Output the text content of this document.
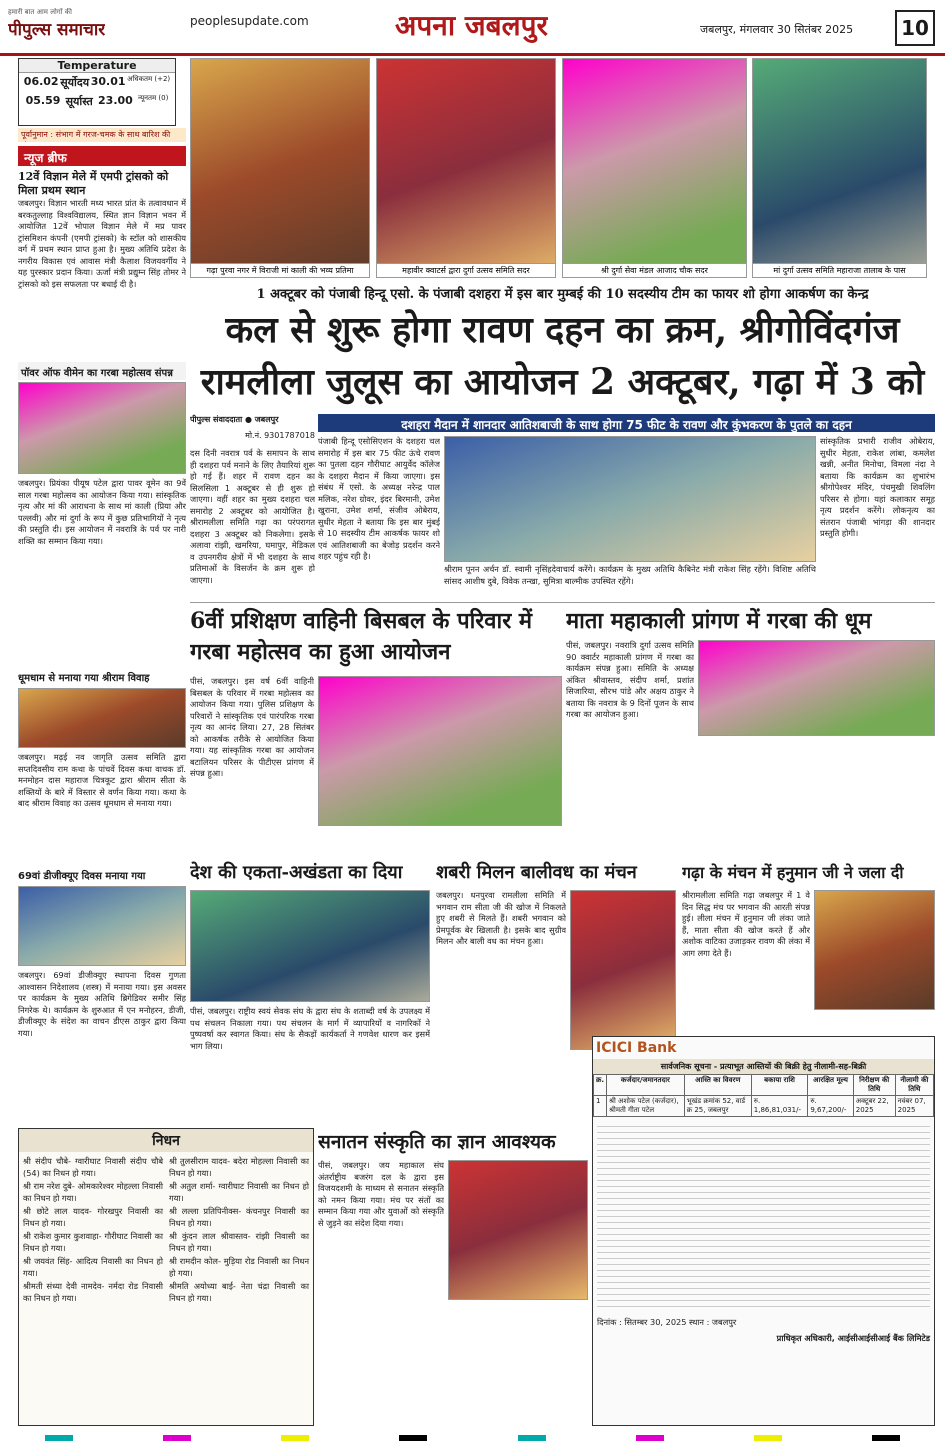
हमारी बात आम लोगों की
पीपुल्स समाचार	peoplesupdate.com	अपना जबलपुर	जबलपुर, मंगलवार 30 सितंबर 2025	10
Temperature
06.02 सूर्योदय 30.01 अधिकतम (+2)
05.59 सूर्यास्त 23.00 न्यूनतम (0)
पूर्वानुमान : संभाग में गरज-चमक के साथ बारिश की
न्यूज ब्रीफ
12वें विज्ञान मेले में एमपी ट्रांसको को मिला प्रथम स्थान
जबलपुर। विज्ञान भारती मध्य भारत प्रांत के तत्वावधान में बरकतुल्लाह विश्वविद्यालय, स्थित ज्ञान विज्ञान भवन में आयोजित 12वें भोपाल विज्ञान मेले में मप्र पावर ट्रांसमिशन कंपनी (एमपी ट्रांसको) के स्टॉल को शासकीय वर्ग में प्रथम स्थान प्राप्त हुआ है। मुख्य अतिथि प्रदेश के नगरीय विकास एवं आवास मंत्री कैलाश विजयवर्गीय ने यह पुरस्कार प्रदान किया। ऊर्जा मंत्री प्रद्युम्न सिंह तोमर ने ट्रांसको को इस सफलता पर बधाई दी है।
पॉवर ऑफ वीमेन का गरबा महोत्सव संपन्न
जबलपुर। प्रियंका पीयूष पटेल द्वारा पावर वूमेन का 9वें साल गरबा महोत्सव का आयोजन किया गया। सांस्कृतिक नृत्य और मां की आराधना के साथ मां काली (प्रिया और पल्लवी) और मां दुर्गा के रूप में कुछ प्रतिभागियों ने नृत्य की प्रस्तुति दी। इस आयोजन में नवरात्रि के पर्व पर नारी शक्ति का सम्मान किया गया।
धूमधाम से मनाया गया श्रीराम विवाह
जबलपुर। मढ़ई नव जागृति उत्सव समिति द्वारा सप्तदिवसीय राम कथा के पांचवें दिवस कथा वाचक डॉ. मनमोहन दास महाराज चित्रकूट द्वारा श्रीराम सीता के शक्तियों के बारे में विस्तार से वर्णन किया गया। कथा के बाद श्रीराम विवाह का उत्सव धूमधाम से मनाया गया।
69वां डीजीक्यूए दिवस मनाया गया
जबलपुर। 69वां डीजीक्यूए स्थापना दिवस गुणता आश्वासन निदेशालय (शस्त्र) में मनाया गया। इस अवसर पर कार्यक्रम के मुख्य अतिथि ब्रिगेडियर समीर सिंह निगरेक थे। कार्यक्रम के शुरुआत में एन मनोहरन, डीजी, डीजीक्यूए के संदेश का वाचन डीएस ठाकुर द्वारा किया गया।
गढ़ा पुरवा नगर में विराजी मां काली की भव्य प्रतिमा	महावीर क्वाटर्स द्वारा दुर्गा उत्सव समिति सदर	श्री दुर्गा सेवा मंडल आजाद चौक सदर	मां दुर्गा उत्सव समिति महाराजा तालाब के पास
1 अक्टूबर को पंजाबी हिन्दू एसो. के पंजाबी दशहरा में इस बार मुम्बई की 10 सदस्यीय टीम का फायर शो होगा आकर्षण का केन्द्र
कल से शुरू होगा रावण दहन का क्रम, श्रीगोविंदगंज
रामलीला जुलूस का आयोजन 2 अक्टूबर, गढ़ा में 3 को
पीपुल्स संवाददाता ● जबलपुर
मो.नं. 9301787018
दशहरा मैदान में शानदार आतिशबाजी के साथ होगा 75 फीट के रावण और कुंभकरण के पुतले का दहन
दस दिनी नवरात्र पर्व के समापन के साथ ही दशहरा पर्व मनाने के लिए तैयारियां शुरू हो गई हैं। शहर में रावण दहन का सिलसिला 1 अक्टूबर से ही शुरू हो जाएगा। वहीं शहर का मुख्य दशहरा चल समारोह 2 अक्टूबर को आयोजित है। श्रीरामलीला समिति गढ़ा का परंपरागत दशहरा 3 अक्टूबर को निकलेगा। इसके अलावा रांझी, खमरिया, घमापुर, मेडिकल व उपनगरीय क्षेत्रों में भी दशहरा के साथ प्रतिमाओं के विसर्जन के क्रम शुरू हो जाएगा।
पंजाबी हिन्दू एसोसिएशन के दशहरा चल समारोह में इस बार 75 फीट ऊंचे रावण का पुतला दहन गौरीघाट आयुर्वेद कॉलेज के दशहरा मैदान में किया जाएगा। इस संबंध में एसो. के अध्यक्ष नरेन्द्र पाल मलिक, नरेश ग्रोवर, इंदर बिरमानी, उमेश खुराना, उमेश शर्मा, संजीव ओबेराय, सुधीर मेहता ने बताया कि इस बार मुंबई से 10 सदस्यीय टीम आकर्षक फायर शो एवं आतिशबाजी का बेजोड़ प्रदर्शन करने शहर पहुंच रही है।
श्रीराम पूनन अर्चन डॉ. स्वामी नृसिंहदेवाचार्य करेंगे। कार्यक्रम के मुख्य अतिथि कैबिनेट मंत्री राकेश सिंह रहेंगे। विशिष्ट अतिथि सांसद आशीष दुबे, विवेक तन्खा, सुमित्रा बाल्मीक उपस्थित रहेंगे।
सांस्कृतिक प्रभारी राजीव ओबेराय, सुधीर मेहता, राकेश लांबा, कमलेश खन्नी, अनीत मिनोचा, विमला नंदा ने बताया कि कार्यक्रम का शुभारंभ श्रीगोपेश्वर मंदिर, पंचमुखी शिवलिंग परिसर से होगा। यहां कलाकार समूह नृत्य प्रदर्शन करेंगे। लोकनृत्य का संतरान पंजाबी भांगड़ा की शानदार प्रस्तुति होगी।
6वीं प्रशिक्षण वाहिनी बिसबल के परिवार में गरबा महोत्सव का हुआ आयोजन
पीसं, जबलपुर। इस वर्ष 6वीं वाहिनी बिसबल के परिवार में गरबा महोत्सव का आयोजन किया गया। पुलिस प्रशिक्षण के परिवारों ने सांस्कृतिक एवं पारंपरिक गरबा नृत्य का आनंद लिया। 27, 28 सितंबर को आकर्षक तरीके से आयोजित किया गया। यह सांस्कृतिक गरबा का आयोजन बटालियन परिसर के पीटीएस प्रांगण में संपन्न हुआ।
माता महाकाली प्रांगण में गरबा की धूम
पीसं, जबलपुर। नवरात्रि दुर्गा उत्सव समिति 90 क्वार्टर महाकाली प्रांगण में गरबा का कार्यक्रम संपन्न हुआ। समिति के अध्यक्ष अंकित श्रीवास्तव, संदीप शर्मा, प्रशांत सिजारिया, सौरभ पांडे और अक्षय ठाकुर ने बताया कि नवरात्र के 9 दिनों पूजन के साथ गरबा का आयोजन हुआ।
देश की एकता-अखंडता का दिया
पीसं, जबलपुर। राष्ट्रीय स्वयं सेवक संघ के द्वारा संघ के शताब्दी वर्ष के उपलक्ष्य में पथ संचलन निकाला गया। पथ संचलन के मार्ग में व्यापारियों व नागरिकों ने पुष्पवर्षा कर स्वागत किया। संघ के सैकड़ों कार्यकर्ता ने गणवेश धारण कर इसमें भाग लिया।
शबरी मिलन बालीवध का मंचन
जबलपुर। धनपुरवा रामलीला समिति में भगवान राम सीता जी की खोज में निकलते हुए शबरी से मिलते हैं। शबरी भगवान को प्रेमपूर्वक बेर खिलाती है। इसके बाद सुग्रीव मिलन और बाली वध का मंचन हुआ।
गढ़ा के मंचन में हनुमान जी ने जला दी
श्रीरामलीला समिति गढ़ा जबलपुर में 1 वे दिन सिद्ध मंच पर भगवान की आरती संपन्न हुई। लीला मंचन में हनुमान जी लंका जाते हैं, माता सीता की खोज करते हैं और अशोक वाटिका उजाड़कर रावण की लंका में आग लगा देते हैं।
निधन
श्री संदीप चौबे- ग्वारीघाट निवासी संदीप चौबे (54) का निधन हो गया।
श्री तुलसीराम यादव- बदेरा मोहल्ला निवासी का निधन हो गया।
श्री राम नरेश दुबे- ओमकारेश्वर मोहल्ला निवासी का निधन हो गया।
श्री अतुल शर्मा- ग्वारीघाट निवासी का निधन हो गया।
श्री छोटे लाल यादव- गोरखपुर निवासी का निधन हो गया।
श्री लल्ला प्रतिपिनीक्स- कंचनपुर निवासी का निधन हो गया।
श्री राकेश कुमार कुशवाहा- गौरीघाट निवासी का निधन हो गया।
श्री कुंदन लाल श्रीवास्तव- रांझी निवासी का निधन हो गया।
श्री जयवंत सिंह- आदित्य निवासी का निधन हो गया।
श्री रामदीन कोल- मुड़िया रोड निवासी का निधन हो गया।
श्रीमती संध्या देवी नामदेव- नर्मदा रोड निवासी का निधन हो गया।
श्रीमति अयोध्या बाई- नेता चंद्रा निवासी का निधन हो गया।
सनातन संस्कृति का ज्ञान आवश्यक
पीसं, जबलपुर। जय महाकाल संघ अंतर्राष्ट्रीय बजरंग दल के द्वारा इस विजयदशमी के माध्यम से सनातन संस्कृति को नमन किया गया। मंच पर संतों का सम्मान किया गया और युवाओं को संस्कृति से जुड़ने का संदेश दिया गया।
ICICI Bank
सार्वजनिक सूचना - प्रत्याभूत आस्तियों की बिक्री हेतु नीलामी-सह-बिक्री
क्र.	कर्जदार/जमानतदार	आस्ति का विवरण	बकाया राशि	आरक्षित मूल्य	निरीक्षण की तिथि	नीलामी की तिथि
1	श्री अशोक पटेल (कर्जदार), श्रीमती गीता पटेल	भूखंड क्रमांक 52, वार्ड क्र 25, जबलपुर	रु. 1,86,81,031/-	रु. 9,67,200/-	अक्टूबर 22, 2025	नवंबर 07, 2025
दिनांक : सितम्बर 30, 2025 स्थान : जबलपुर
प्राधिकृत अधिकारी, आईसीआईसीआई बैंक लिमिटेड
